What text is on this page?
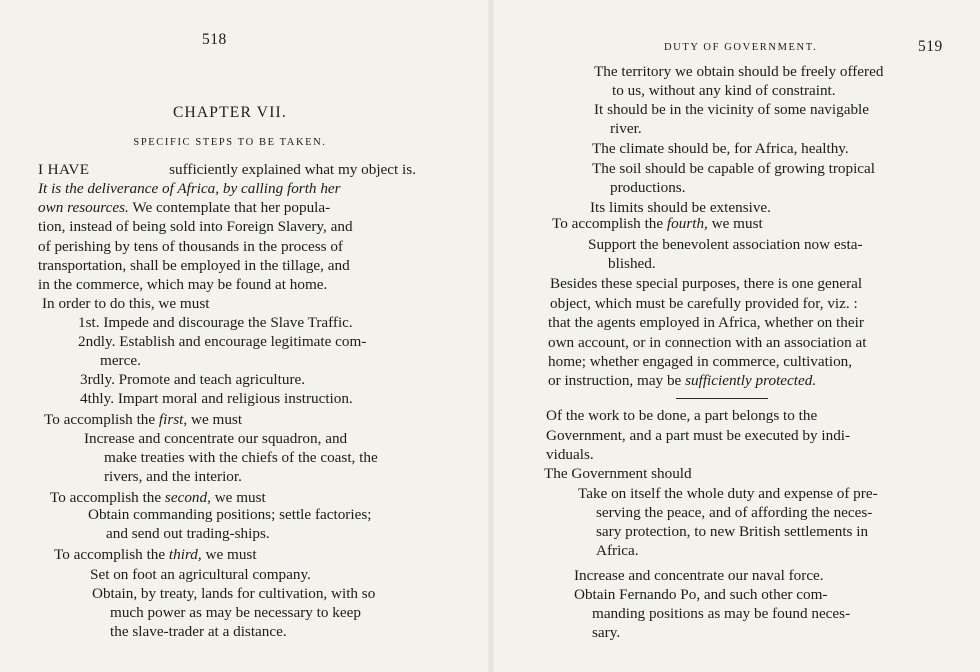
518
CHAPTER VII.
SPECIFIC STEPS TO BE TAKEN.
I HAVE	sufficiently explained what my object is.
It is the deliverance of Africa, by calling forth her
own resources. We contemplate that her popula-
tion, instead of being sold into Foreign Slavery, and
of perishing by tens of thousands in the process of
transportation, shall be employed in the tillage, and
in the commerce, which may be found at home.
In order to do this, we must
1st. Impede and discourage the Slave Traffic.
2ndly. Establish and encourage legitimate com-
merce.
3rdly. Promote and teach agriculture.
4thly. Impart moral and religious instruction.
To accomplish the first, we must
Increase and concentrate our squadron, and
make treaties with the chiefs of the coast, the
rivers, and the interior.
To accomplish the second, we must
Obtain commanding positions; settle factories;
and send out trading-ships.
To accomplish the third, we must
Set on foot an agricultural company.
Obtain, by treaty, lands for cultivation, with so
much power as may be necessary to keep
the slave-trader at a distance.
DUTY OF GOVERNMENT.	519
The territory we obtain should be freely offered
to us, without any kind of constraint.
It should be in the vicinity of some navigable
river.
The climate should be, for Africa, healthy.
The soil should be capable of growing tropical
productions.
Its limits should be extensive.
To accomplish the fourth, we must
Support the benevolent association now esta-
blished.
Besides these special purposes, there is one general
object, which must be carefully provided for, viz. :
that the agents employed in Africa, whether on their
own account, or in connection with an association at
home; whether engaged in commerce, cultivation,
or instruction, may be sufficiently protected.
Of the work to be done, a part belongs to the
Government, and a part must be executed by indi-
viduals.
The Government should
Take on itself the whole duty and expense of pre-
serving the peace, and of affording the neces-
sary protection, to new British settlements in
Africa.
Increase and concentrate our naval force.
Obtain Fernando Po, and such other com-
manding positions as may be found neces-
sary.
